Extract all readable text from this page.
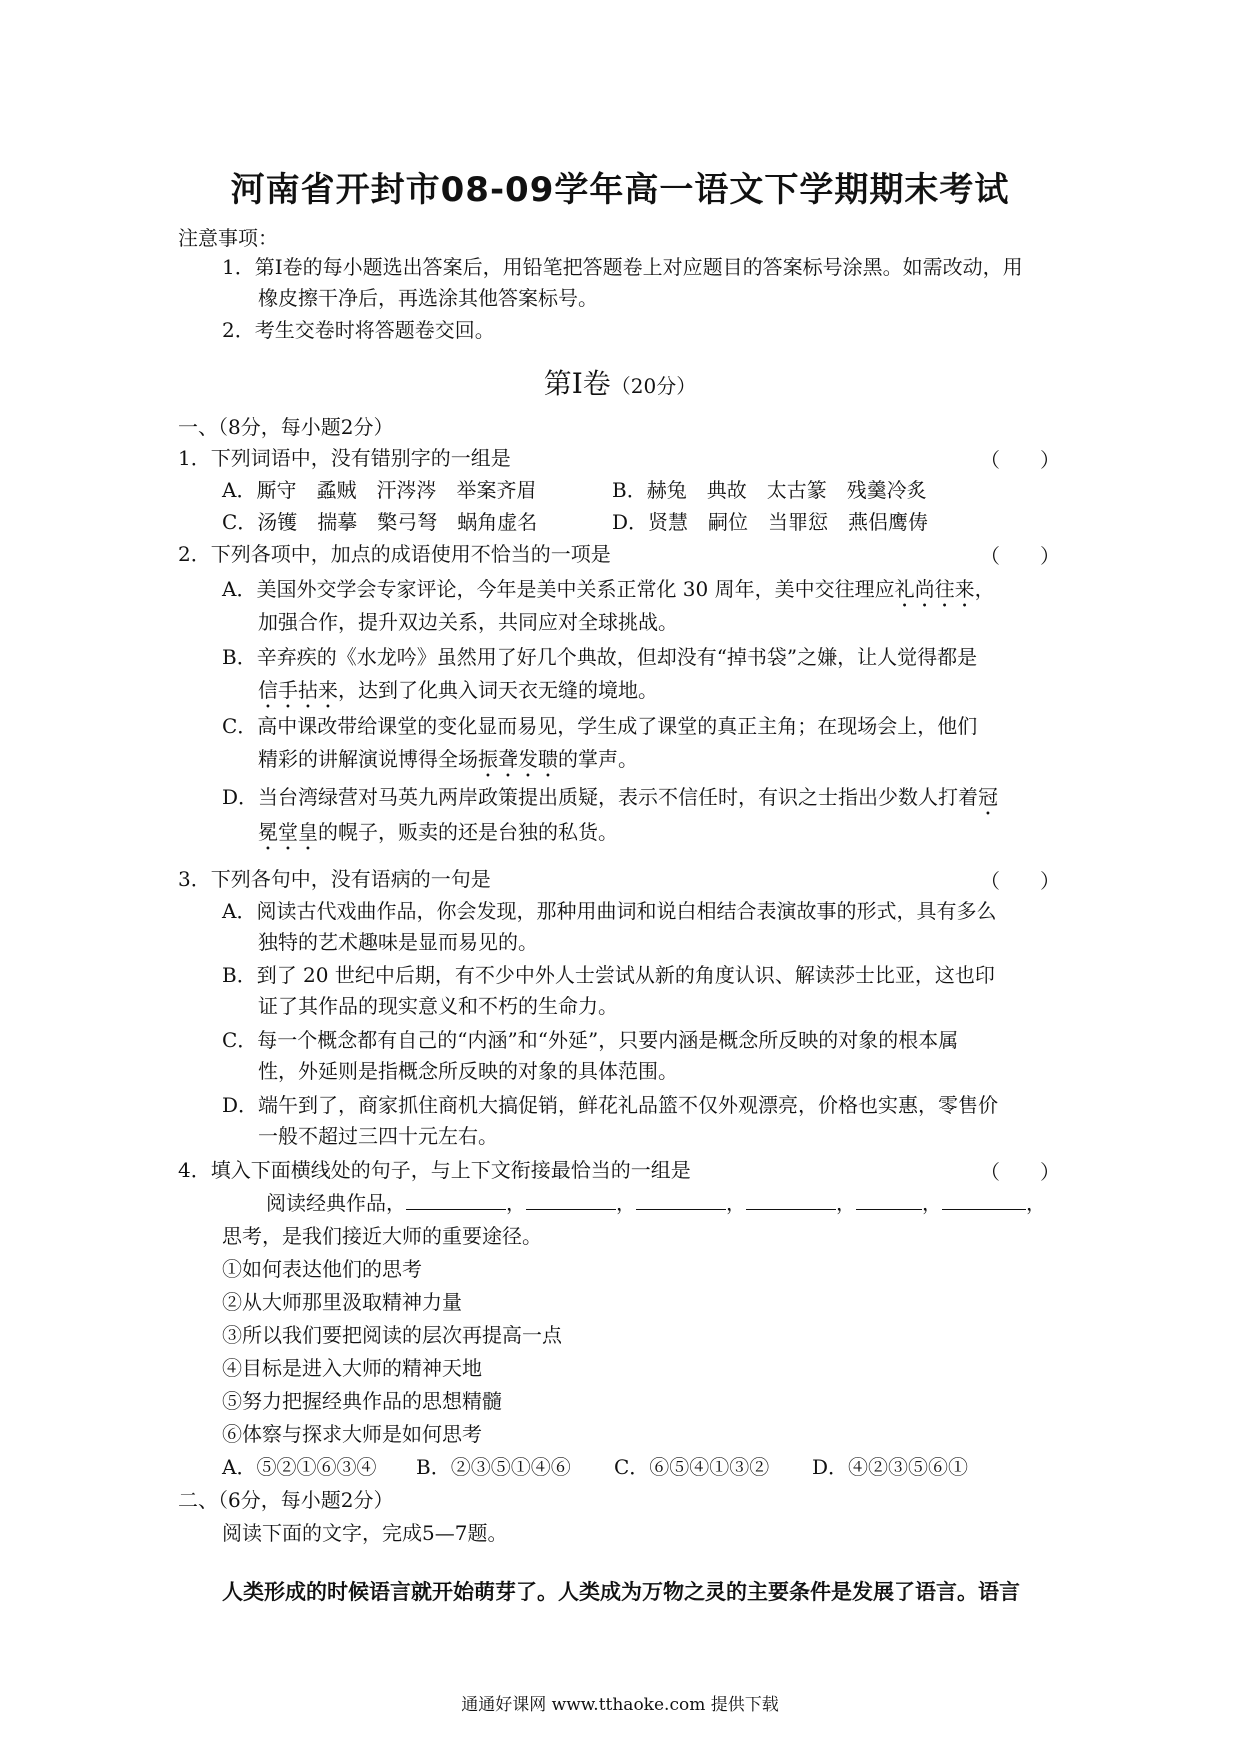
河南省开封市08-09学年高一语文下学期期末考试
注意事项：
1．第Ⅰ卷的每小题选出答案后，用铅笔把答题卷上对应题目的答案标号涂黑。如需改动，用
橡皮擦干净后，再选涂其他答案标号。
2．考生交卷时将答题卷交回。
第Ⅰ卷（20分）
一、（8分，每小题2分）
1．下列词语中，没有错别字的一组是	（　　）
A．厮守　蟊贼　汗涔涔　举案齐眉	B．赫兔　典故　太古篆　残羹冷炙
C．汤镬　揣摹　檠弓弩　蜗角虚名	D．贤慧　嗣位　当罪愆　燕侣鹰俦
2．下列各项中，加点的成语使用不恰当的一项是	（　　）
A．美国外交学会专家评论，今年是美中关系正常化 30 周年，美中交往理应礼尚往来，
加强合作，提升双边关系，共同应对全球挑战。
B．辛弃疾的《水龙吟》虽然用了好几个典故，但却没有“掉书袋”之嫌，让人觉得都是
信手拈来，达到了化典入词天衣无缝的境地。
C．高中课改带给课堂的变化显而易见，学生成了课堂的真正主角；在现场会上，他们
精彩的讲解演说博得全场振聋发聩的掌声。
D．当台湾绿营对马英九两岸政策提出质疑，表示不信任时，有识之士指出少数人打着冠
冕堂皇的幌子，贩卖的还是台独的私货。
3．下列各句中，没有语病的一句是	（　　）
A．阅读古代戏曲作品，你会发现，那种用曲词和说白相结合表演故事的形式，具有多么
独特的艺术趣味是显而易见的。
B．到了 20 世纪中后期，有不少中外人士尝试从新的角度认识、解读莎士比亚，这也印
证了其作品的现实意义和不朽的生命力。
C．每一个概念都有自己的“内涵”和“外延”，只要内涵是概念所反映的对象的根本属
性，外延则是指概念所反映的对象的具体范围。
D．端午到了，商家抓住商机大搞促销，鲜花礼品篮不仅外观漂亮，价格也实惠，零售价
一般不超过三四十元左右。
4．填入下面横线处的句子，与上下文衔接最恰当的一组是	（　　）
阅读经典作品，	，	，	，	，	，	，
思考，是我们接近大师的重要途径。
①如何表达他们的思考
②从大师那里汲取精神力量
③所以我们要把阅读的层次再提高一点
④目标是进入大师的精神天地
⑤努力把握经典作品的思想精髓
⑥体察与探求大师是如何思考
A．⑤②①⑥③④ B．②③⑤①④⑥ C．⑥⑤④①③② D．④②③⑤⑥①
二、（6分，每小题2分）
阅读下面的文字，完成5—7题。
人类形成的时候语言就开始萌芽了。人类成为万物之灵的主要条件是发展了语言。语言
通通好课网 www.tthaoke.com 提供下载
